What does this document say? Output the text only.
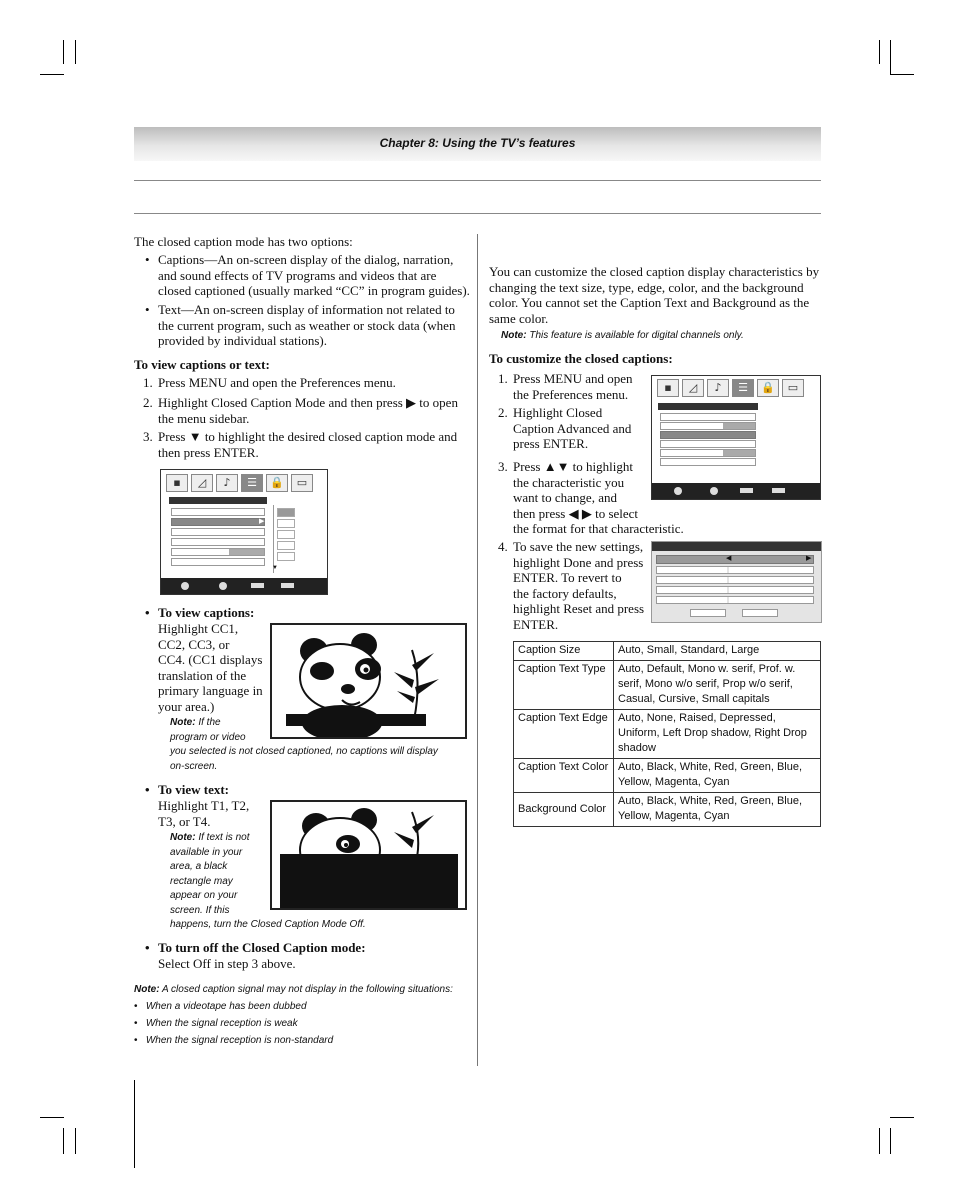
Chapter 8: Using the TV’s features
The closed caption mode has two options:
• Captions—An on-screen display of the dialog, narration,
and sound effects of TV programs and videos that are
closed captioned (usually marked “CC” in program guides).
• Text—An on-screen display of information not related to
the current program, such as weather or stock data (when
provided by individual stations).
To view captions or text:
1. Press MENU and open the Preferences menu.
2. Highlight Closed Caption Mode and then press ▶ to open
the menu sidebar.
3. Press ▼ to highlight the desired closed caption mode and
then press ENTER.
▪	◿	♪	☰	🔒	▭
▶
▼
• To view captions:
Highlight CC1,
CC2, CC3, or
CC4. (CC1 displays
translation of the
primary language in
your area.)
Note: If the
program or video
you selected is not closed captioned, no captions will display
on-screen.
• To view text:
Highlight T1, T2,
T3, or T4.
Note: If text is not
available in your
area, a black
rectangle may
appear on your
screen. If this
happens, turn the Closed Caption Mode Off.
• To turn off the Closed Caption mode:
Select Off in step 3 above.
Note: A closed caption signal may not display in the following situations:
• When a videotape has been dubbed
• When the signal reception is weak
• When the signal reception is non-standard
You can customize the closed caption display characteristics by
changing the text size, type, edge, color, and the background
color. You cannot set the Caption Text and Background as the
same color.
Note: This feature is available for digital channels only.
To customize the closed captions:
1. Press MENU and open
the Preferences menu.
2. Highlight Closed
Caption Advanced and
press ENTER.
3. Press ▲▼ to highlight
the characteristic you
want to change, and
then press ◀ ▶ to select
the format for that characteristic.
4. To save the new settings,
highlight Done and press
ENTER. To revert to
the factory defaults,
highlight Reset and press
ENTER.
▪	◿	♪	☰	🔒	▭
◀	▶
Caption Size	Auto, Small, Standard, Large
Caption Text Type	Auto, Default, Mono w. serif, Prof. w. serif, Mono w/o serif, Prop w/o serif, Casual, Cursive, Small capitals
Caption Text Edge	Auto, None, Raised, Depressed, Uniform, Left Drop shadow, Right Drop shadow
Caption Text Color	Auto, Black, White, Red, Green, Blue, Yellow, Magenta, Cyan
Background Color	Auto, Black, White, Red, Green, Blue, Yellow, Magenta, Cyan
